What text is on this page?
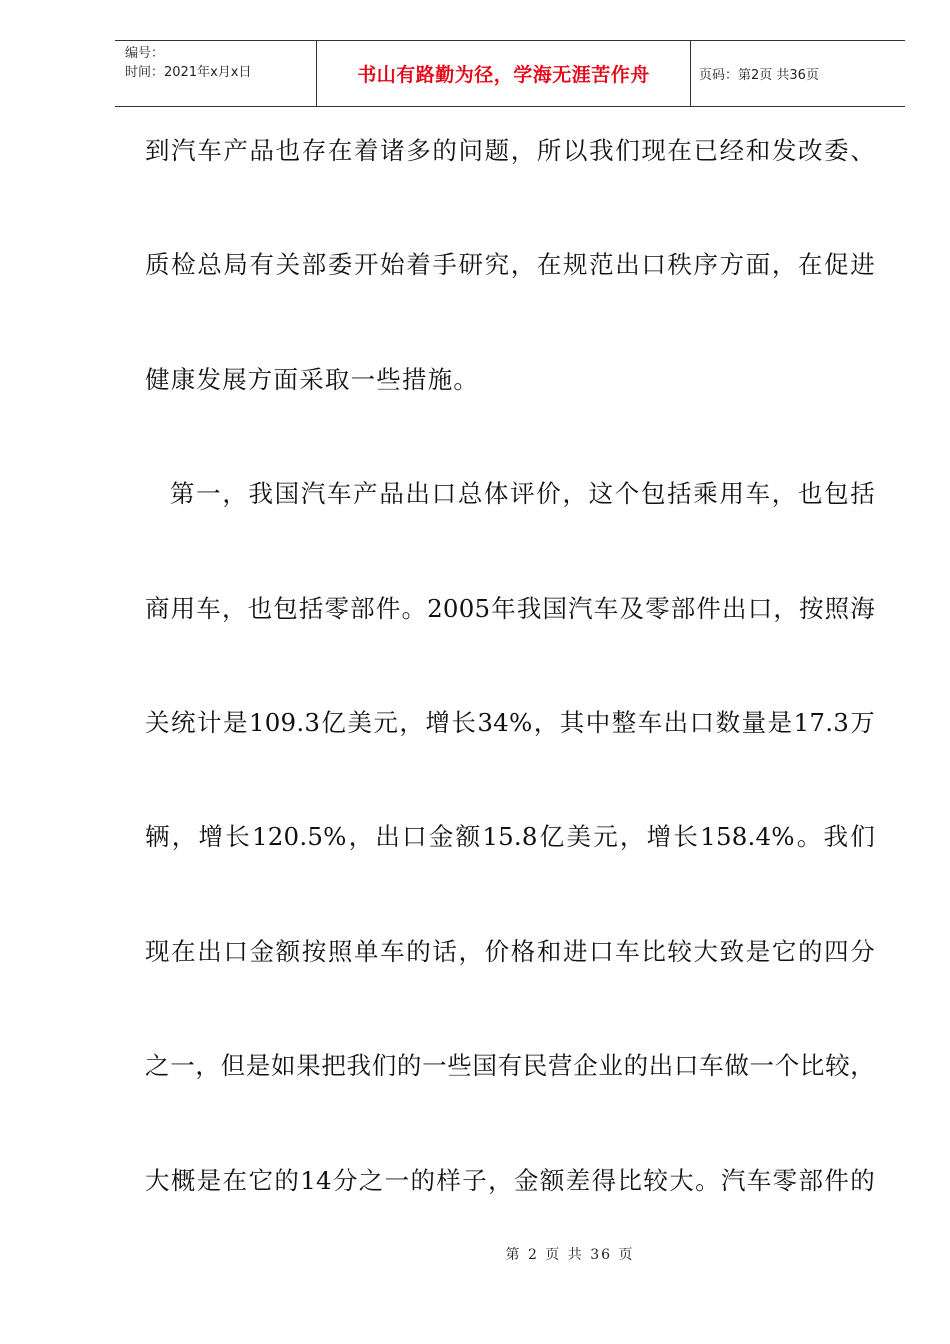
编号：
时间：2021年x月x日	书山有路勤为径，学海无涯苦作舟	页码：第2页 共36页
到汽车产品也存在着诸多的问题，所以我们现在已经和发改委、
质检总局有关部委开始着手研究，在规范出口秩序方面，在促进
健康发展方面采取一些措施。
第一，我国汽车产品出口总体评价，这个包括乘用车，也包括
商用车，也包括零部件。2005年我国汽车及零部件出口，按照海
关统计是109.3亿美元，增长34%，其中整车出口数量是17.3万
辆，增长120.5%，出口金额15.8亿美元，增长158.4%。我们
现在出口金额按照单车的话，价格和进口车比较大致是它的四分
之一，但是如果把我们的一些国有民营企业的出口车做一个比较，
大概是在它的14分之一的样子，金额差得比较大。汽车零部件的
第 2 页 共 36 页
